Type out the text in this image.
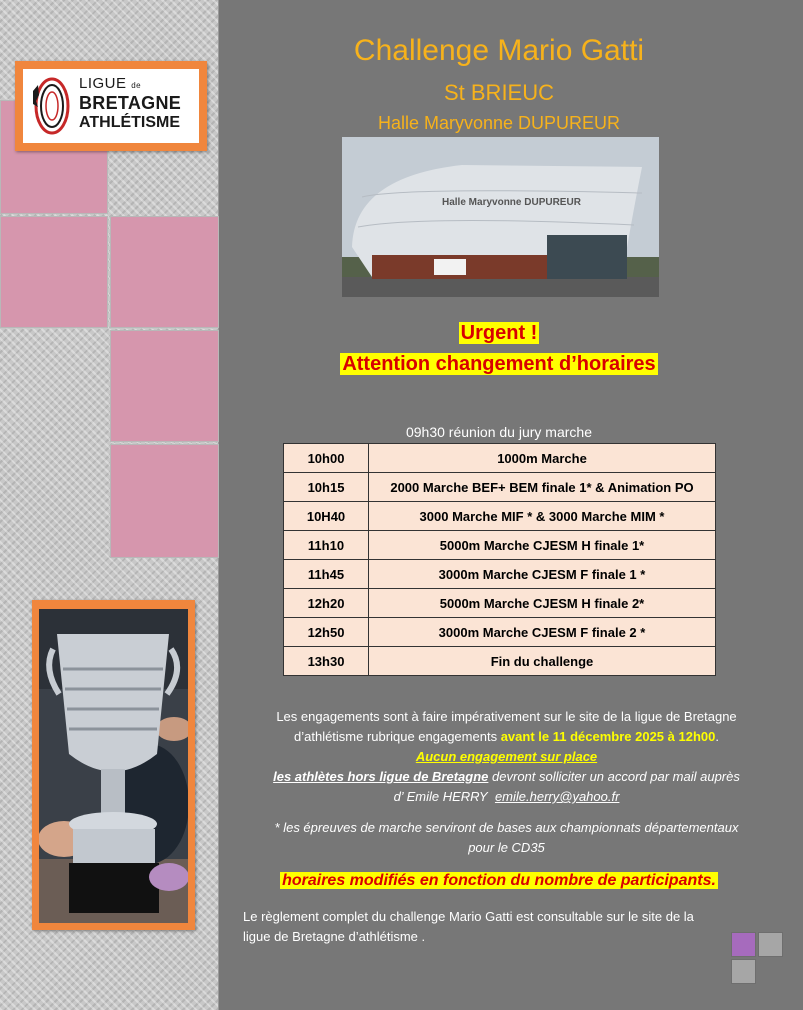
LIGUE de
BRETAGNE
ATHLÉTISME
Challenge Mario Gatti
St BRIEUC
Halle Maryvonne DUPUREUR
Halle Maryvonne DUPUREUR
Urgent !
Attention changement d’horaires
09h30 réunion du jury marche
10h00	1000m Marche
10h15	2000 Marche BEF+ BEM finale 1* & Animation PO
10H40	3000 Marche MIF * & 3000 Marche MIM *
11h10	5000m Marche CJESM H finale 1*
11h45	3000m Marche CJESM F finale 1 *
12h20	5000m Marche CJESM H finale 2*
12h50	3000m Marche CJESM F finale 2 *
13h30	Fin du challenge
Les engagements sont à faire impérativement sur le site de la ligue de Bretagne
d’athlétisme rubrique engagements avant le 11 décembre 2025 à 12h00.
Aucun engagement sur place
les athlètes hors ligue de Bretagne devront solliciter un accord par mail auprès
d’ Emile HERRY emile.herry@yahoo.fr
* les épreuves de marche serviront de bases aux championnats départementaux
pour le CD35
horaires modifiés en fonction du nombre de participants.
Le règlement complet du challenge Mario Gatti est consultable sur le site de la
ligue de Bretagne d’athlétisme .
